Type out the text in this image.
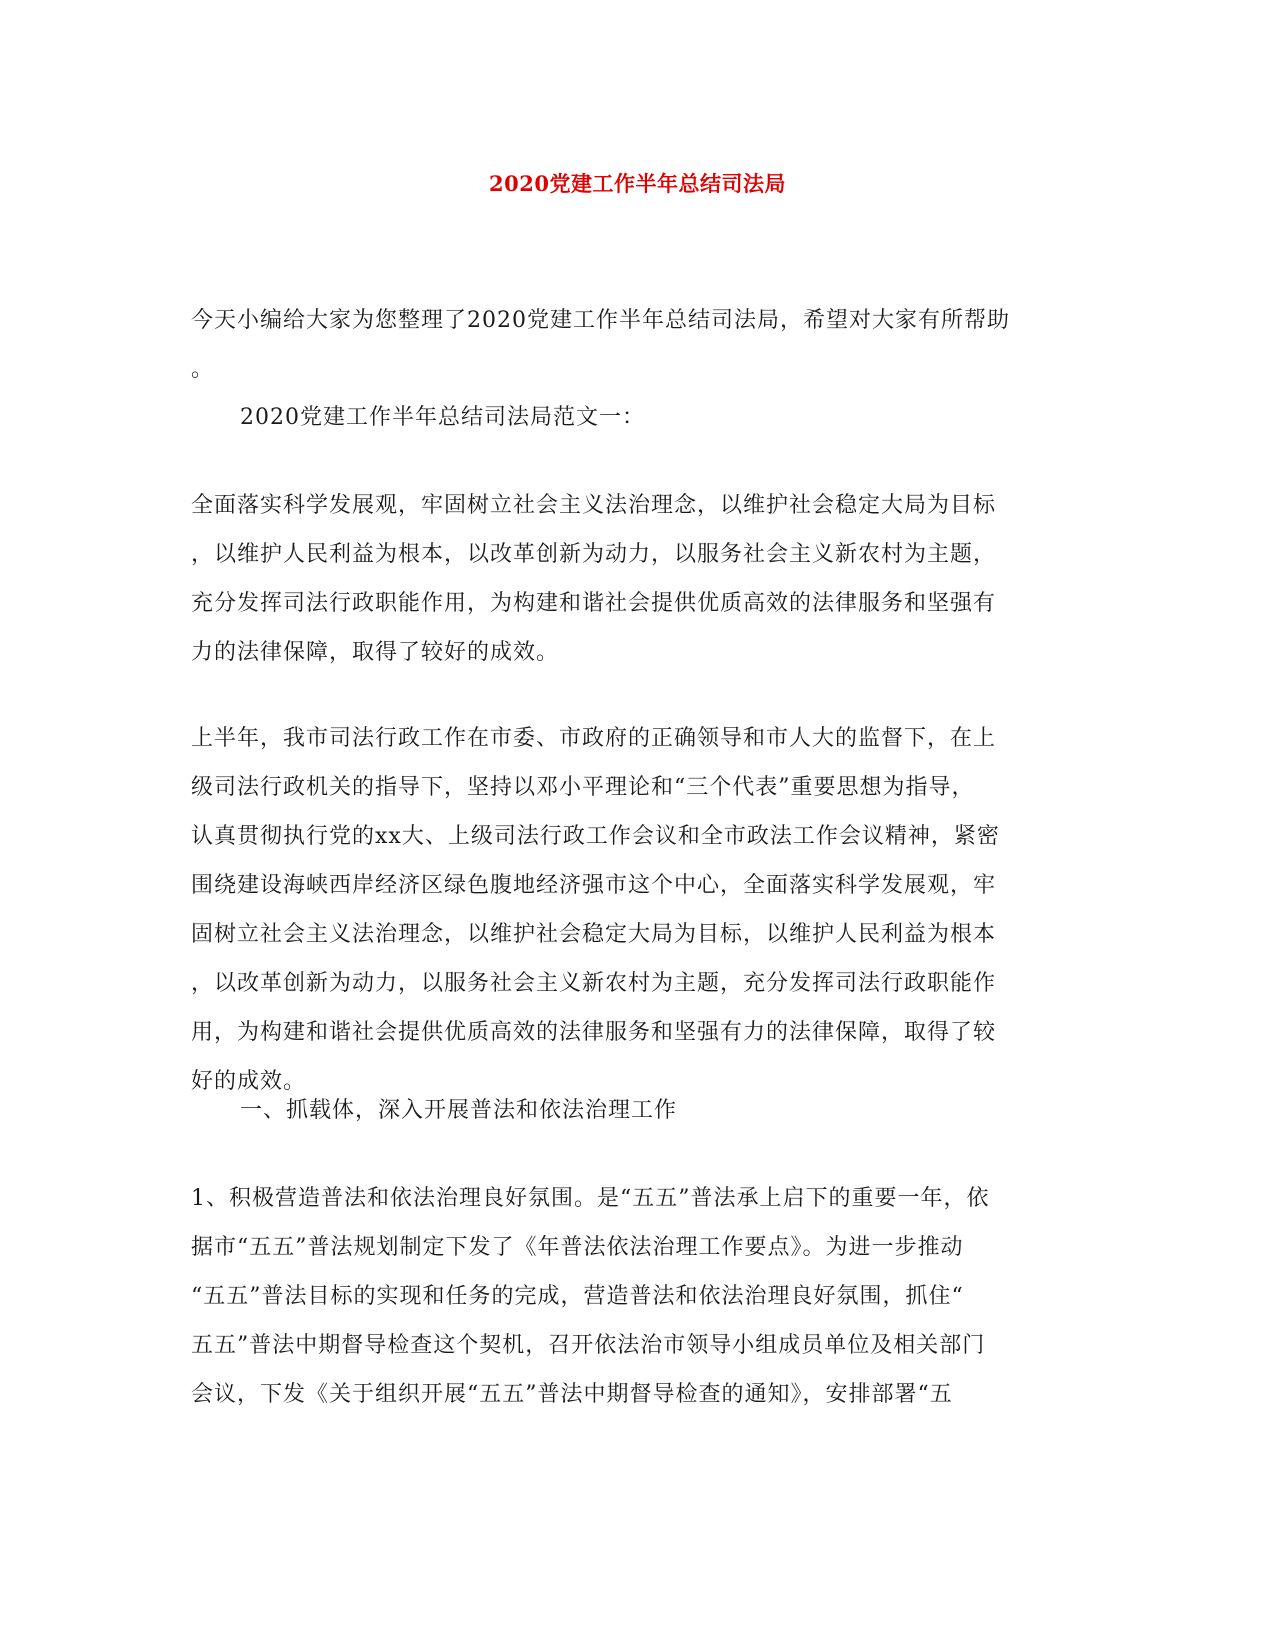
2020党建工作半年总结司法局
今天小编给大家为您整理了2020党建工作半年总结司法局，希望对大家有所帮助
。
2020党建工作半年总结司法局范文一：
全面落实科学发展观，牢固树立社会主义法治理念，以维护社会稳定大局为目标
，以维护人民利益为根本，以改革创新为动力，以服务社会主义新农村为主题，
充分发挥司法行政职能作用，为构建和谐社会提供优质高效的法律服务和坚强有
力的法律保障，取得了较好的成效。
上半年，我市司法行政工作在市委、市政府的正确领导和市人大的监督下，在上
级司法行政机关的指导下，坚持以邓小平理论和“三个代表”重要思想为指导，
认真贯彻执行党的xx大、上级司法行政工作会议和全市政法工作会议精神，紧密
围绕建设海峡西岸经济区绿色腹地经济强市这个中心，全面落实科学发展观，牢
固树立社会主义法治理念，以维护社会稳定大局为目标，以维护人民利益为根本
，以改革创新为动力，以服务社会主义新农村为主题，充分发挥司法行政职能作
用，为构建和谐社会提供优质高效的法律服务和坚强有力的法律保障，取得了较
好的成效。
一、抓载体，深入开展普法和依法治理工作
1、积极营造普法和依法治理良好氛围。是“五五”普法承上启下的重要一年，依
据市“五五”普法规划制定下发了《年普法依法治理工作要点》。为进一步推动
“五五”普法目标的实现和任务的完成，营造普法和依法治理良好氛围，抓住“
五五”普法中期督导检查这个契机，召开依法治市领导小组成员单位及相关部门
会议，下发《关于组织开展“五五”普法中期督导检查的通知》，安排部署“五
